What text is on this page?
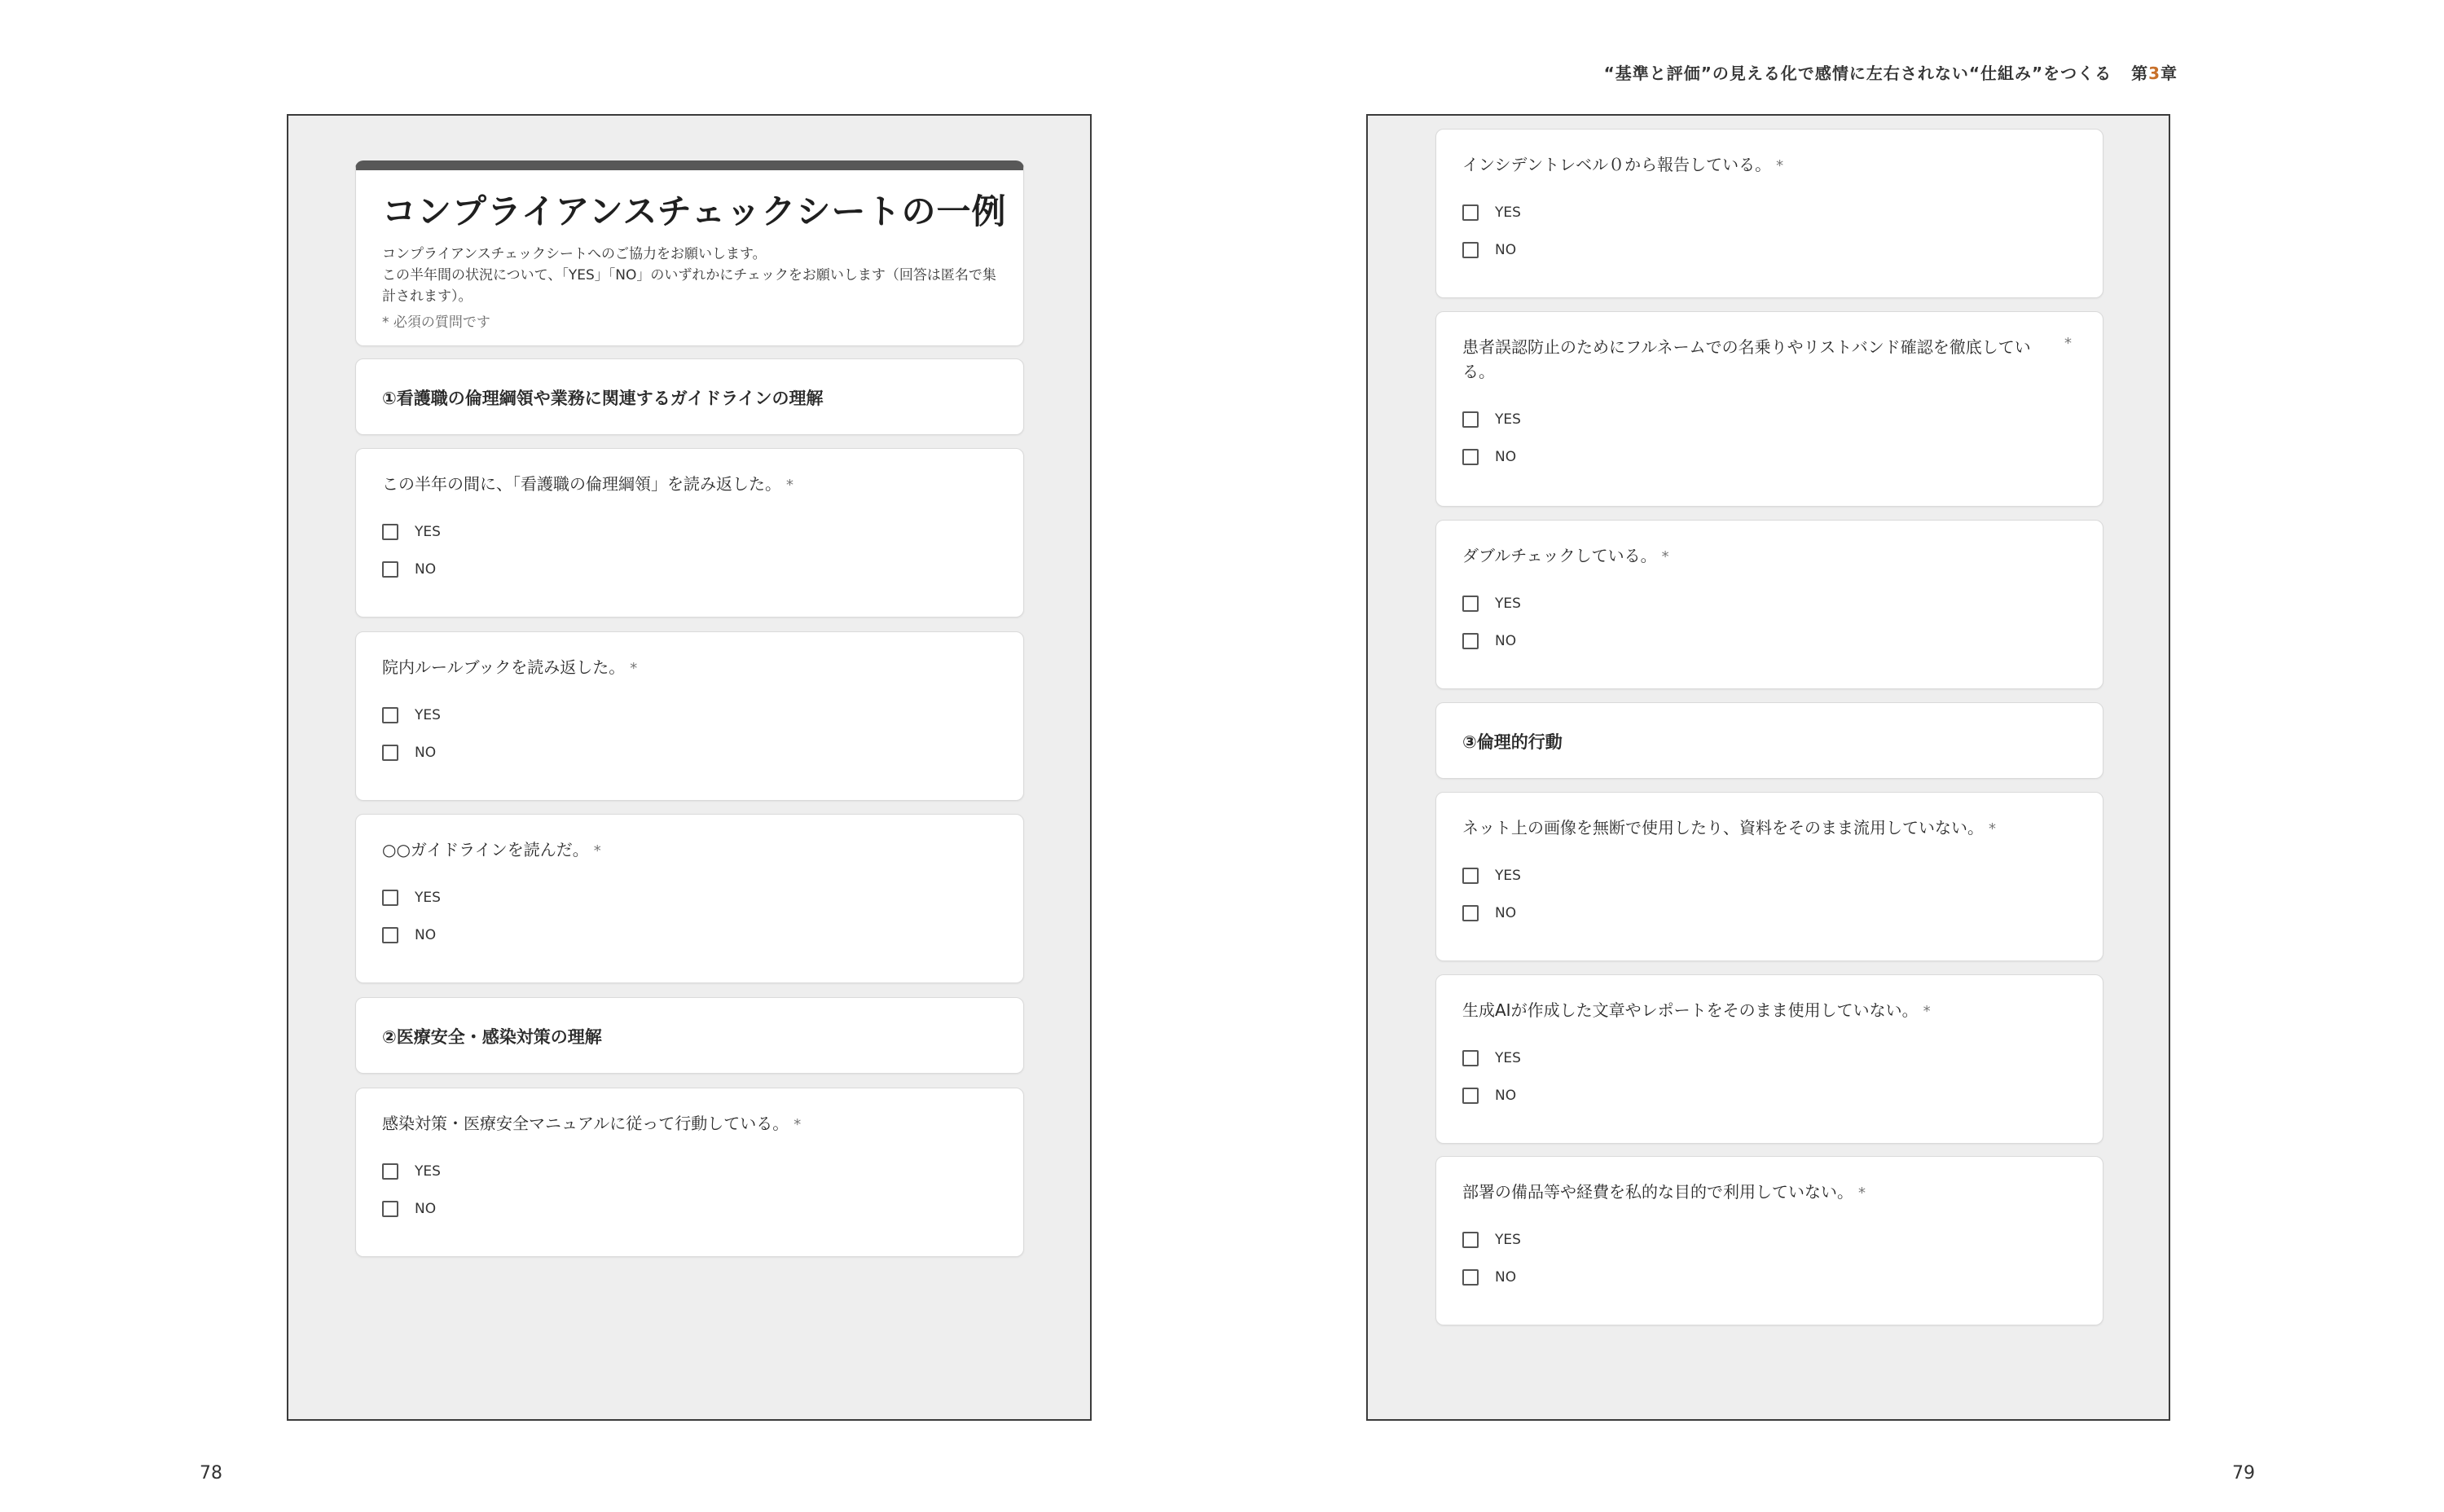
“基準と評価”の見える化で感情に左右されない“仕組み”をつくる 第3章
コンプライアンスチェックシートの一例

コンプライアンスチェックシートへのご協力をお願いします。
この半年間の状況について、「YES」「NO」のいずれかにチェックをお願いします（回答は匿名で集計されます）。

* 必須の質問です
①看護職の倫理綱領や業務に関連するガイドラインの理解
この半年の間に、「看護職の倫理綱領」を読み返した。 *
YES
NO
院内ルールブックを読み返した。 *
YES
NO
○○ガイドラインを読んだ。 *
YES
NO
②医療安全・感染対策の理解
感染対策・医療安全マニュアルに従って行動している。 *
YES
NO
インシデントレベル０から報告している。 *
YES
NO
患者誤認防止のためにフルネームでの名乗りやリストバンド確認を徹底している。
*
YES
NO
ダブルチェックしている。 *
YES
NO
③倫理的行動
ネット上の画像を無断で使用したり、資料をそのまま流用していない。 *
YES
NO
生成AIが作成した文章やレポートをそのまま使用していない。 *
YES
NO
部署の備品等や経費を私的な目的で利用していない。 *
YES
NO
78	79
